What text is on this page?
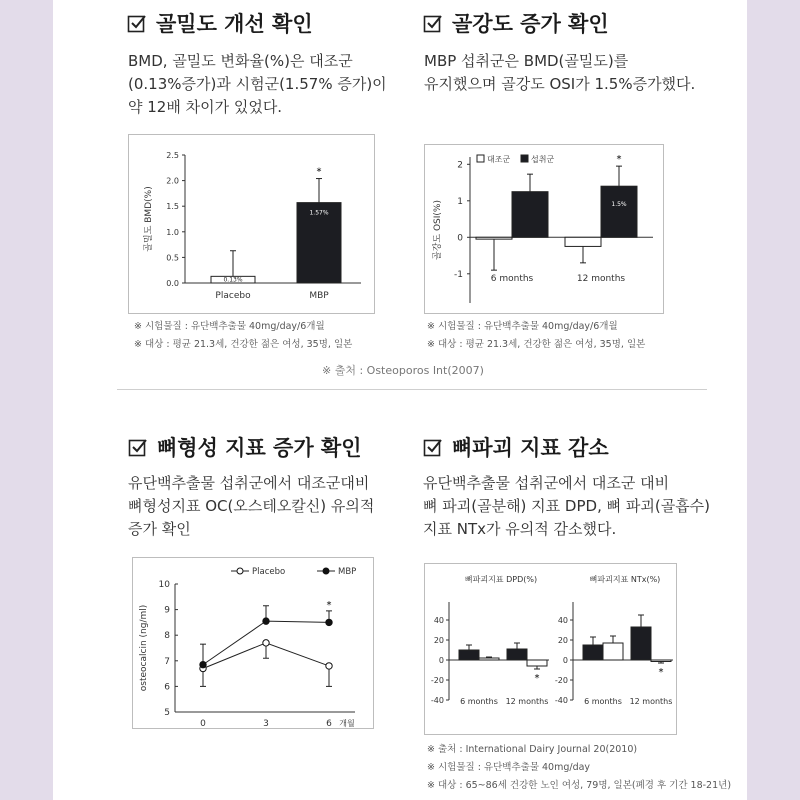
골밀도 개선 확인
BMD, 골밀도 변화율(%)은 대조군
(0.13%증가)과 시험군(1.57% 증가)이
약 12배 차이가 있었다.
골강도 증가 확인
MBP 섭취군은 BMD(골밀도)를
유지했으며 골강도 OSI가 1.5%증가했다.
0.0
0.5
1.0
1.5
2.0
2.5
골밀도 BMD(%)
0.13%
Placebo
1.57%
*
MBP
※ 시험물질 : 유단백추출물 40mg/day/6개월
※ 대상 : 평균 21.3세, 건강한 젊은 여성, 35명, 일본
-1
0
1
2
골강도 OSI(%)	1.5%
*
6 months	12 months
대조군	섭취군
※ 시험물질 : 유단백추출물 40mg/day/6개월
※ 대상 : 평균 21.3세, 건강한 젊은 여성, 35명, 일본
※ 출처 : Osteoporos Int(2007)
뼈형성 지표 증가 확인
유단백추출물 섭취군에서 대조군대비
뼈형성지표 OC(오스테오칼신) 유의적
증가 확인
뼈파괴 지표 감소
유단백추출물 섭취군에서 대조군 대비
뼈 파괴(골분해) 지표 DPD, 뼈 파괴(골흡수)
지표 NTx가 유의적 감소했다.
5
6
7
8
9
10
osteocalcin (ng/ml)
0	3	6 개월
*
Placebo	MBP
뼈파괴지표 DPD(%)
40
20
0
-20
-40
*
6 months 12 months
뼈파괴지표 NTx(%)
40
20
0
-20
-40
*
6 months 12 months
※ 출처 : International Dairy Journal 20(2010)
※ 시험물질 : 유단백추출물 40mg/day
※ 대상 : 65~86세 건강한 노인 여성, 79명, 일본(폐경 후 기간 18-21년)
